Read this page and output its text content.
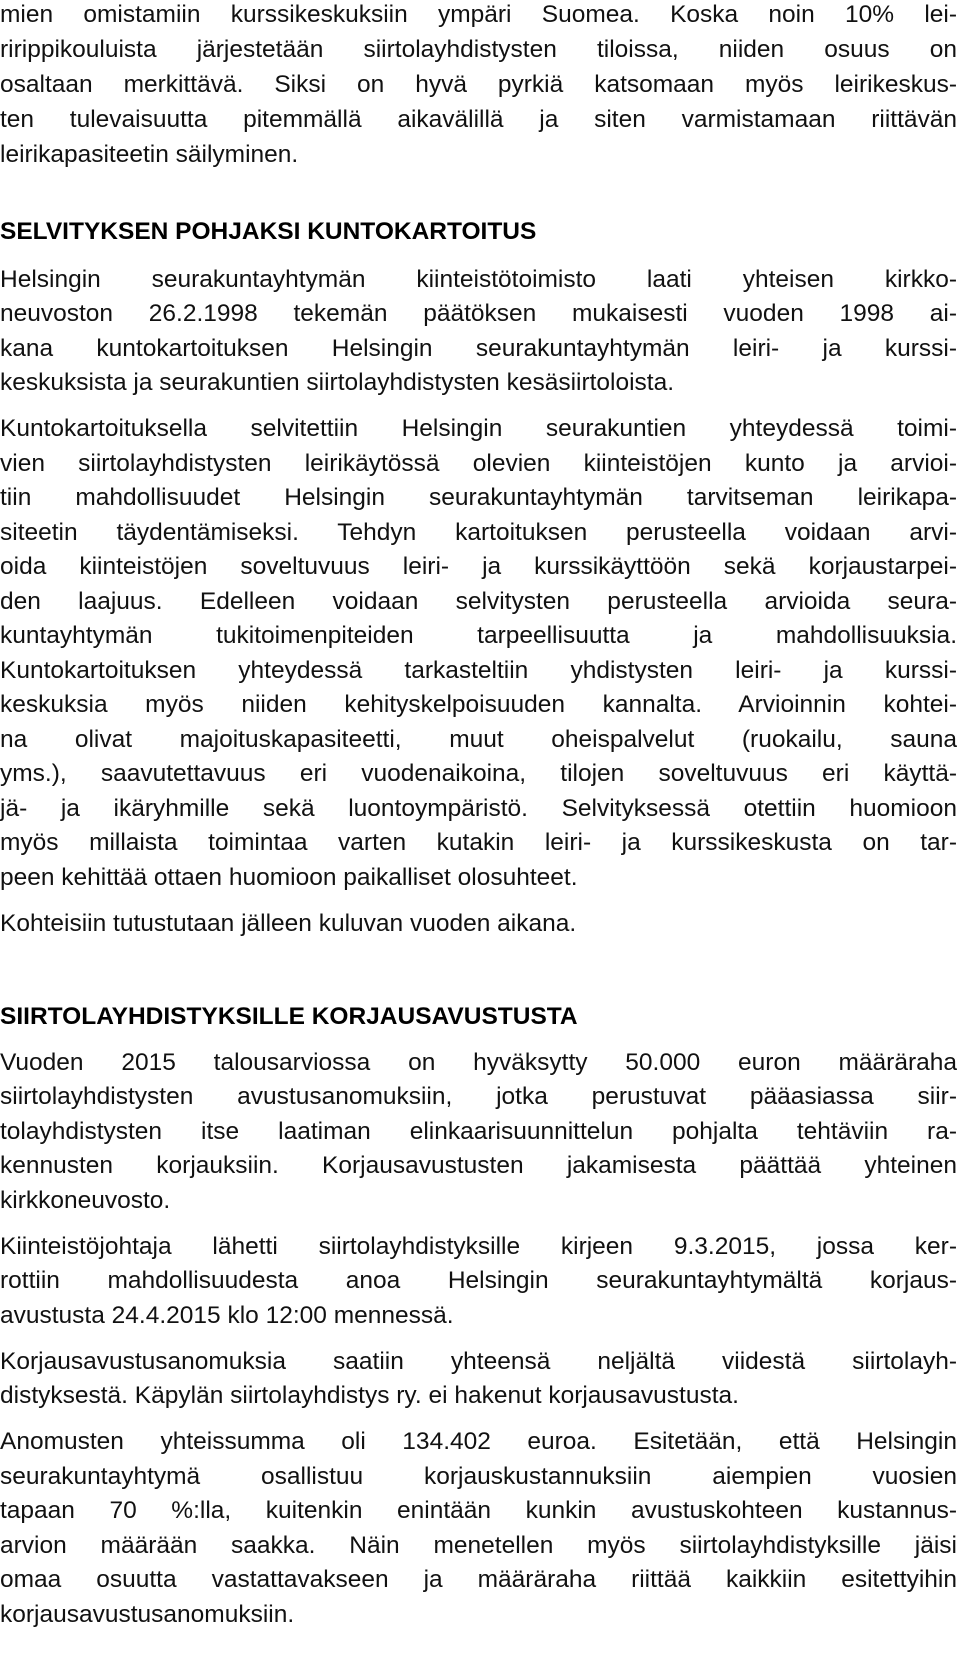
mien omistamiin kurssikeskuksiin ympäri Suomea. Koska noin 10% lei-
ririppikouluista järjestetään siirtolayhdistysten tiloissa, niiden osuus on
osaltaan merkittävä. Siksi on hyvä pyrkiä katsomaan myös leirikeskus-
ten tulevaisuutta pitemmällä aikavälillä ja siten varmistamaan riittävän
leirikapasiteetin säilyminen.
SELVITYKSEN POHJAKSI KUNTOKARTOITUS
Helsingin seurakuntayhtymän kiinteistötoimisto laati yhteisen kirkko-
neuvoston 26.2.1998 tekemän päätöksen mukaisesti vuoden 1998 ai-
kana kuntokartoituksen Helsingin seurakuntayhtymän leiri- ja kurssi-
keskuksista ja seurakuntien siirtolayhdistysten kesäsiirtoloista.
Kuntokartoituksella selvitettiin Helsingin seurakuntien yhteydessä toimi-
vien siirtolayhdistysten leirikäytössä olevien kiinteistöjen kunto ja arvioi-
tiin mahdollisuudet Helsingin seurakuntayhtymän tarvitseman leirikapa-
siteetin täydentämiseksi. Tehdyn kartoituksen perusteella voidaan arvi-
oida kiinteistöjen soveltuvuus leiri- ja kurssikäyttöön sekä korjaustarpei-
den laajuus. Edelleen voidaan selvitysten perusteella arvioida seura-
kuntayhtymän tukitoimenpiteiden tarpeellisuutta ja mahdollisuuksia.
Kuntokartoituksen yhteydessä tarkasteltiin yhdistysten leiri- ja kurssi-
keskuksia myös niiden kehityskelpoisuuden kannalta. Arvioinnin kohtei-
na olivat majoituskapasiteetti, muut oheispalvelut (ruokailu, sauna
yms.), saavutettavuus eri vuodenaikoina, tilojen soveltuvuus eri käyttä-
jä- ja ikäryhmille sekä luontoympäristö. Selvityksessä otettiin huomioon
myös millaista toimintaa varten kutakin leiri- ja kurssikeskusta on tar-
peen kehittää ottaen huomioon paikalliset olosuhteet.
Kohteisiin tutustutaan jälleen kuluvan vuoden aikana.
SIIRTOLAYHDISTYKSILLE KORJAUSAVUSTUSTA
Vuoden 2015 talousarviossa on hyväksytty 50.000 euron määräraha
siirtolayhdistysten avustusanomuksiin, jotka perustuvat pääasiassa siir-
tolayhdistysten itse laatiman elinkaarisuunnittelun pohjalta tehtäviin ra-
kennusten korjauksiin. Korjausavustusten jakamisesta päättää yhteinen
kirkkoneuvosto.
Kiinteistöjohtaja lähetti siirtolayhdistyksille kirjeen 9.3.2015, jossa ker-
rottiin mahdollisuudesta anoa Helsingin seurakuntayhtymältä korjaus-
avustusta 24.4.2015 klo 12:00 mennessä.
Korjausavustusanomuksia saatiin yhteensä neljältä viidestä siirtolayh-
distyksestä. Käpylän siirtolayhdistys ry. ei hakenut korjausavustusta.
Anomusten yhteissumma oli 134.402 euroa. Esitetään, että Helsingin
seurakuntayhtymä osallistuu korjauskustannuksiin aiempien vuosien
tapaan 70 %:lla, kuitenkin enintään kunkin avustuskohteen kustannus-
arvion määrään saakka. Näin menetellen myös siirtolayhdistyksille jäisi
omaa osuutta vastattavakseen ja määräraha riittää kaikkiin esitettyihin
korjausavustusanomuksiin.
